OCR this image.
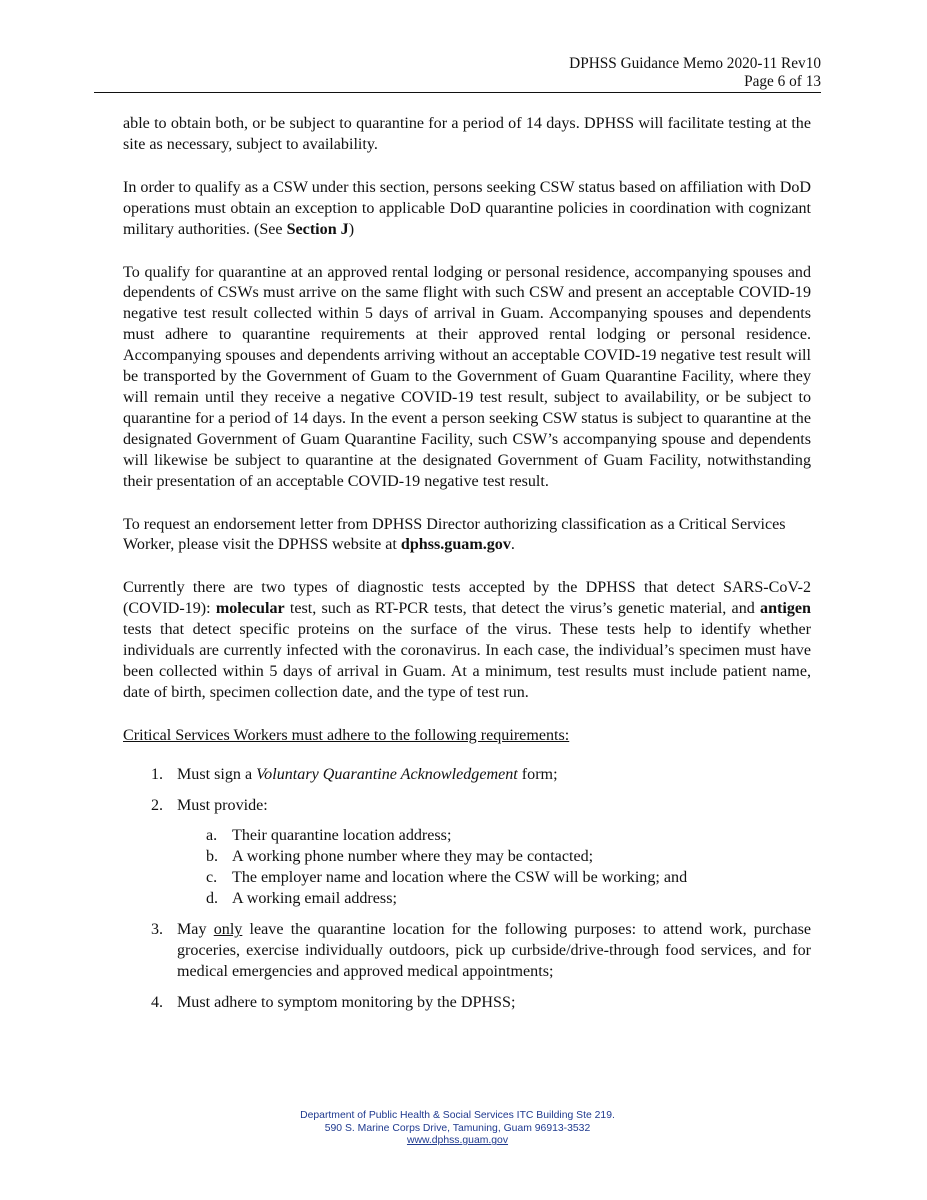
DPHSS Guidance Memo 2020-11 Rev10
Page 6 of 13

able to obtain both, or be subject to quarantine for a period of 14 days. DPHSS will facilitate testing at the site as necessary, subject to availability.

In order to qualify as a CSW under this section, persons seeking CSW status based on affiliation with DoD operations must obtain an exception to applicable DoD quarantine policies in coordination with cognizant military authorities. (See Section J)

To qualify for quarantine at an approved rental lodging or personal residence, accompanying spouses and dependents of CSWs must arrive on the same flight with such CSW and present an acceptable COVID-19 negative test result collected within 5 days of arrival in Guam. Accompanying spouses and dependents must adhere to quarantine requirements at their approved rental lodging or personal residence. Accompanying spouses and dependents arriving without an acceptable COVID-19 negative test result will be transported by the Government of Guam to the Government of Guam Quarantine Facility, where they will remain until they receive a negative COVID-19 test result, subject to availability, or be subject to quarantine for a period of 14 days. In the event a person seeking CSW status is subject to quarantine at the designated Government of Guam Quarantine Facility, such CSW’s accompanying spouse and dependents will likewise be subject to quarantine at the designated Government of Guam Facility, notwithstanding their presentation of an acceptable COVID-19 negative test result.

To request an endorsement letter from DPHSS Director authorizing classification as a Critical Services Worker, please visit the DPHSS website at dphss.guam.gov.

Currently there are two types of diagnostic tests accepted by the DPHSS that detect SARS-CoV-2 (COVID-19): molecular test, such as RT-PCR tests, that detect the virus’s genetic material, and antigen tests that detect specific proteins on the surface of the virus. These tests help to identify whether individuals are currently infected with the coronavirus. In each case, the individual’s specimen must have been collected within 5 days of arrival in Guam. At a minimum, test results must include patient name, date of birth, specimen collection date, and the type of test run.

Critical Services Workers must adhere to the following requirements:

1. Must sign a Voluntary Quarantine Acknowledgement form;
2. Must provide:
a. Their quarantine location address;
b. A working phone number where they may be contacted;
c. The employer name and location where the CSW will be working; and
d. A working email address;
3. May only leave the quarantine location for the following purposes: to attend work, purchase groceries, exercise individually outdoors, pick up curbside/drive-through food services, and for medical emergencies and approved medical appointments;
4. Must adhere to symptom monitoring by the DPHSS;
Department of Public Health & Social Services ITC Building Ste 219.
590 S. Marine Corps Drive, Tamuning, Guam 96913-3532
www.dphss.guam.gov
